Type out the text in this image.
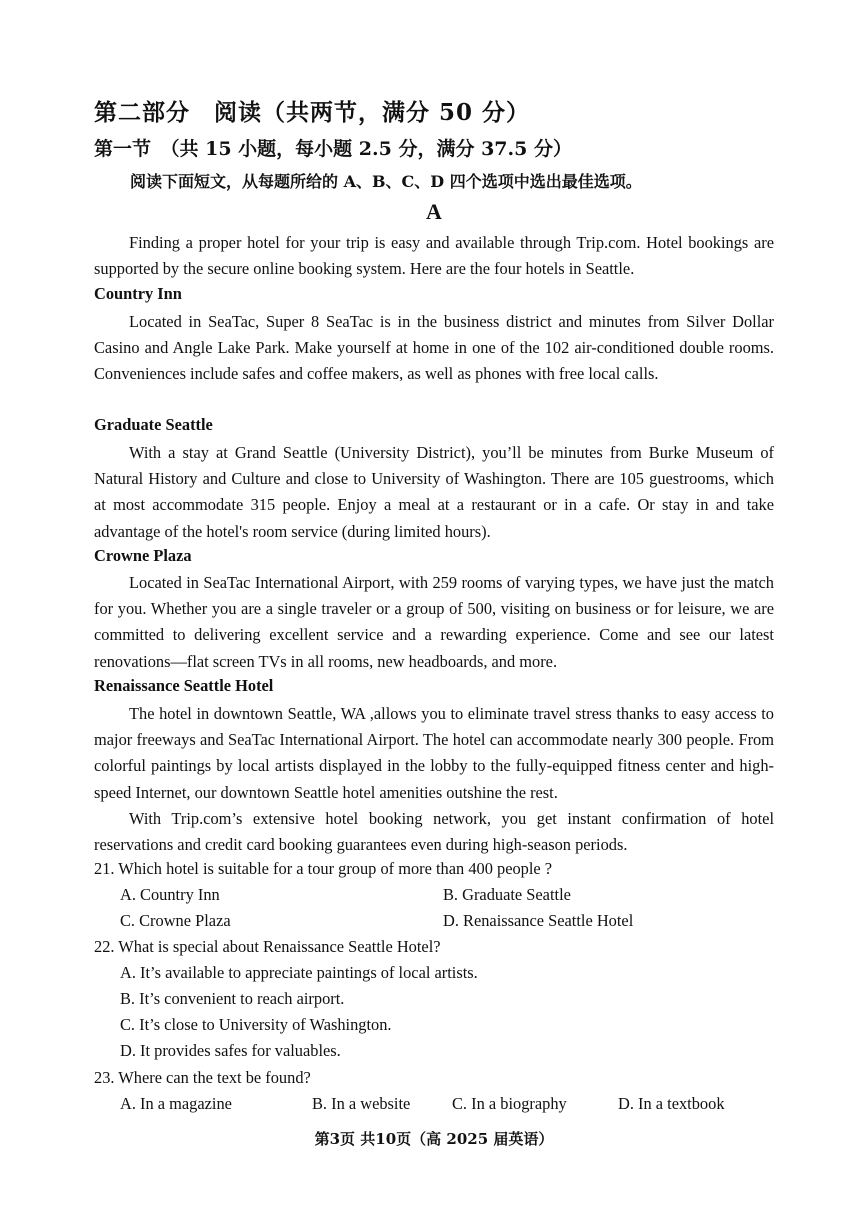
第二部分　阅读（共两节，满分 50 分）
第一节　（共 15 小题，每小题 2.5 分，满分 37.5 分）
阅读下面短文，从每题所给的 A、B、C、D 四个选项中选出最佳选项。
A

Finding a proper hotel for your trip is easy and available through Trip.com. Hotel bookings are supported by the secure online booking system. Here are the four hotels in Seattle.

Country Inn

Located in SeaTac, Super 8 SeaTac is in the business district and minutes from Silver Dollar Casino and Angle Lake Park. Make yourself at home in one of the 102 air-conditioned double rooms. Conveniences include safes and coffee makers, as well as phones with free local calls.

Graduate Seattle

With a stay at Grand Seattle (University District), you’ll be minutes from Burke Museum of Natural History and Culture and close to University of Washington. There are 105 guestrooms, which at most accommodate 315 people. Enjoy a meal at a restaurant or in a cafe. Or stay in and take advantage of the hotel's room service (during limited hours).

Crowne Plaza

Located in SeaTac International Airport, with 259 rooms of varying types, we have just the match for you. Whether you are a single traveler or a group of 500, visiting on business or for leisure, we are committed to delivering excellent service and a rewarding experience. Come and see our latest renovations—flat screen TVs in all rooms, new headboards, and more.

Renaissance Seattle Hotel

The hotel in downtown Seattle, WA ,allows you to eliminate travel stress thanks to easy access to major freeways and SeaTac International Airport. The hotel can accommodate nearly 300 people. From colorful paintings by local artists displayed in the lobby to the fully-equipped fitness center and high-speed Internet, our downtown Seattle hotel amenities outshine the rest.

With Trip.com’s extensive hotel booking network, you get instant confirmation of hotel reservations and credit card booking guarantees even during high-season periods.

21. Which hotel is suitable for a tour group of more than 400 people ?
A. Country Inn	B. Graduate Seattle
C. Crowne Plaza	D. Renaissance Seattle Hotel
22. What is special about Renaissance Seattle Hotel?
A. It’s available to appreciate paintings of local artists.
B. It’s convenient to reach airport.
C. It’s close to University of Washington.
D. It provides safes for valuables.
23. Where can the text be found?
A. In a magazine	B. In a website	C. In a biography	D. In a textbook
第3页 共10页（高 2025 届英语）
